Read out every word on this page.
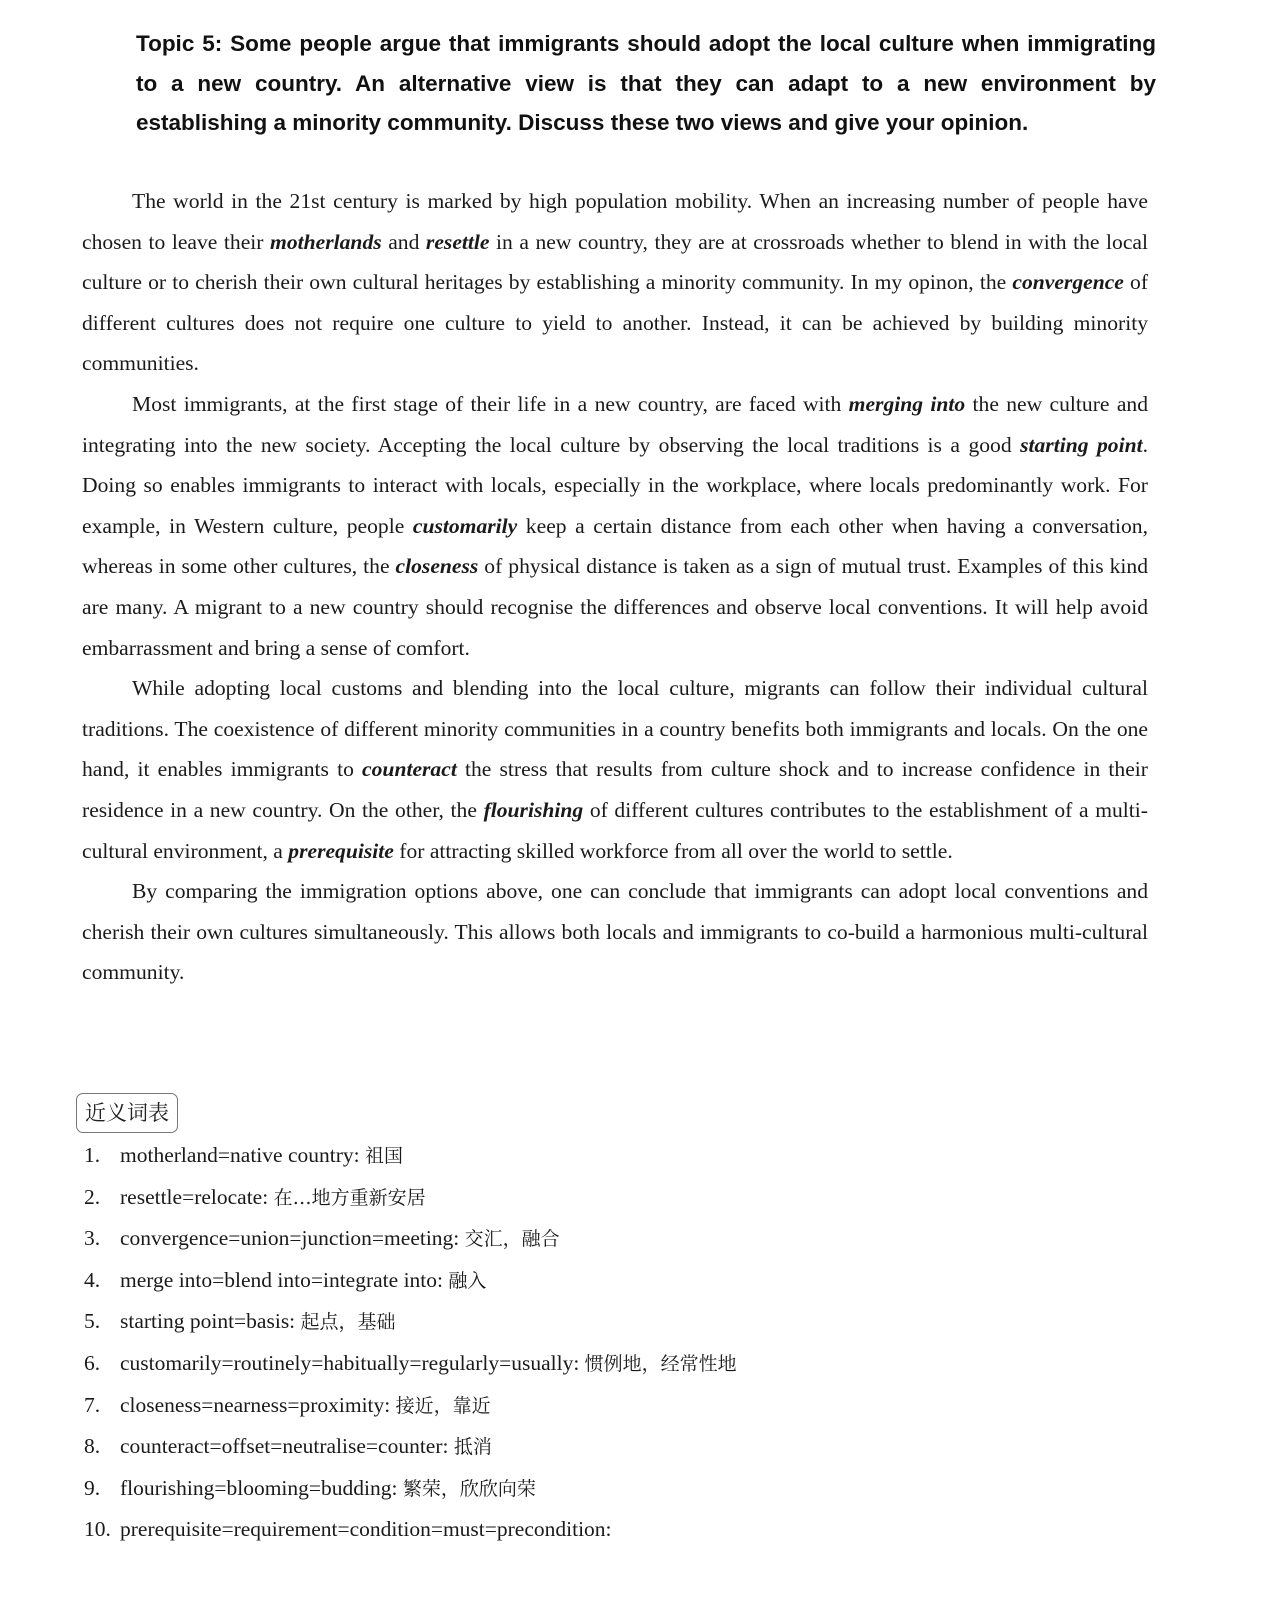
Topic 5: Some people argue that immigrants should adopt the local culture when immigrating to a new country. An alternative view is that they can adapt to a new environment by establishing a minority community. Discuss these two views and give your opinion.

The world in the 21st century is marked by high population mobility. When an increasing number of people have chosen to leave their motherlands and resettle in a new country, they are at crossroads whether to blend in with the local culture or to cherish their own cultural heritages by establishing a minority community. In my opinon, the convergence of different cultures does not require one culture to yield to another. Instead, it can be achieved by building minority communities.

Most immigrants, at the first stage of their life in a new country, are faced with merging into the new culture and integrating into the new society. Accepting the local culture by observing the local traditions is a good starting point. Doing so enables immigrants to interact with locals, especially in the workplace, where locals predominantly work. For example, in Western culture, people customarily keep a certain distance from each other when having a conversation, whereas in some other cultures, the closeness of physical distance is taken as a sign of mutual trust. Examples of this kind are many. A migrant to a new country should recognise the differences and observe local conventions. It will help avoid embarrassment and bring a sense of comfort.

While adopting local customs and blending into the local culture, migrants can follow their individual cultural traditions. The coexistence of different minority communities in a country benefits both immigrants and locals. On the one hand, it enables immigrants to counteract the stress that results from culture shock and to increase confidence in their residence in a new country. On the other, the flourishing of different cultures contributes to the establishment of a multi-cultural environment, a prerequisite for attracting skilled workforce from all over the world to settle.

By comparing the immigration options above, one can conclude that immigrants can adopt local conventions and cherish their own cultures simultaneously. This allows both locals and immigrants to co-build a harmonious multi-cultural community.

近义词表
1. motherland=native country: 祖国
2. resettle=relocate: 在…地方重新安居
3. convergence=union=junction=meeting: 交汇，融合
4. merge into=blend into=integrate into: 融入
5. starting point=basis: 起点，基础
6. customarily=routinely=habitually=regularly=usually: 惯例地，经常性地
7. closeness=nearness=proximity: 接近，靠近
8. counteract=offset=neutralise=counter: 抵消
9. flourishing=blooming=budding: 繁荣，欣欣向荣
10. prerequisite=requirement=condition=must=precondition:
